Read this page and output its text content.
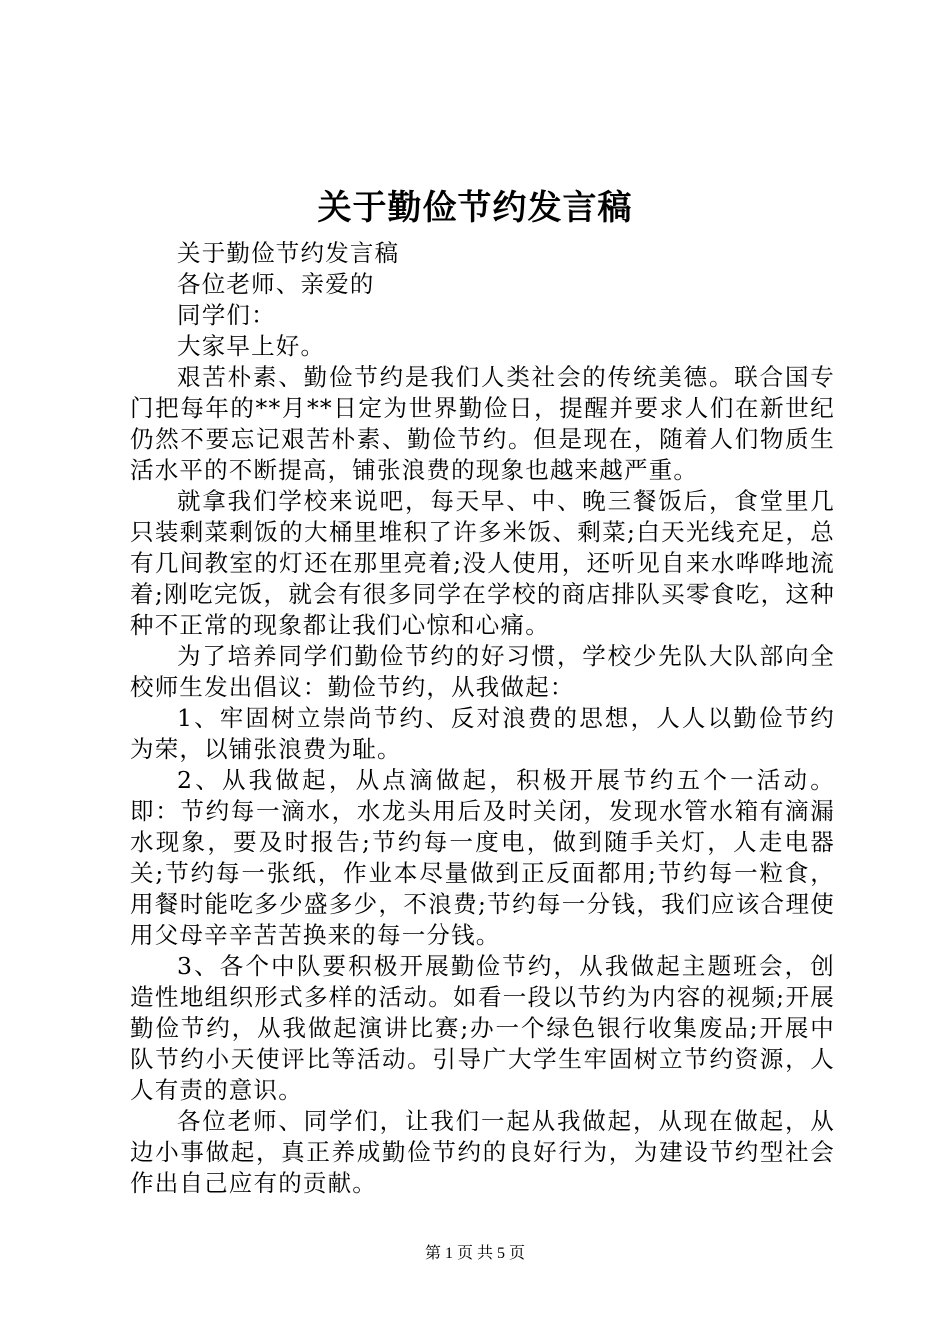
关于勤俭节约发言稿

关于勤俭节约发言稿

各位老师、亲爱的

同学们：

大家早上好。

艰苦朴素、勤俭节约是我们人类社会的传统美德。联合国专门把每年的**月**日定为世界勤俭日，提醒并要求人们在新世纪仍然不要忘记艰苦朴素、勤俭节约。但是现在，随着人们物质生活水平的不断提高，铺张浪费的现象也越来越严重。

就拿我们学校来说吧，每天早、中、晚三餐饭后，食堂里几只装剩菜剩饭的大桶里堆积了许多米饭、剩菜;白天光线充足，总有几间教室的灯还在那里亮着;没人使用，还听见自来水哗哗地流着;刚吃完饭，就会有很多同学在学校的商店排队买零食吃，这种种不正常的现象都让我们心惊和心痛。

为了培养同学们勤俭节约的好习惯，学校少先队大队部向全校师生发出倡议：勤俭节约，从我做起：

1、牢固树立崇尚节约、反对浪费的思想，人人以勤俭节约为荣，以铺张浪费为耻。

2、从我做起，从点滴做起，积极开展节约五个一活动。即：节约每一滴水，水龙头用后及时关闭，发现水管水箱有滴漏水现象，要及时报告;节约每一度电，做到随手关灯，人走电器关;节约每一张纸，作业本尽量做到正反面都用;节约每一粒食，用餐时能吃多少盛多少，不浪费;节约每一分钱，我们应该合理使用父母辛辛苦苦换来的每一分钱。

3、各个中队要积极开展勤俭节约，从我做起主题班会，创造性地组织形式多样的活动。如看一段以节约为内容的视频;开展勤俭节约，从我做起演讲比赛;办一个绿色银行收集废品;开展中队节约小天使评比等活动。引导广大学生牢固树立节约资源，人人有责的意识。

各位老师、同学们，让我们一起从我做起，从现在做起，从边小事做起，真正养成勤俭节约的良好行为，为建设节约型社会作出自己应有的贡献。

第 1 页 共 5 页
